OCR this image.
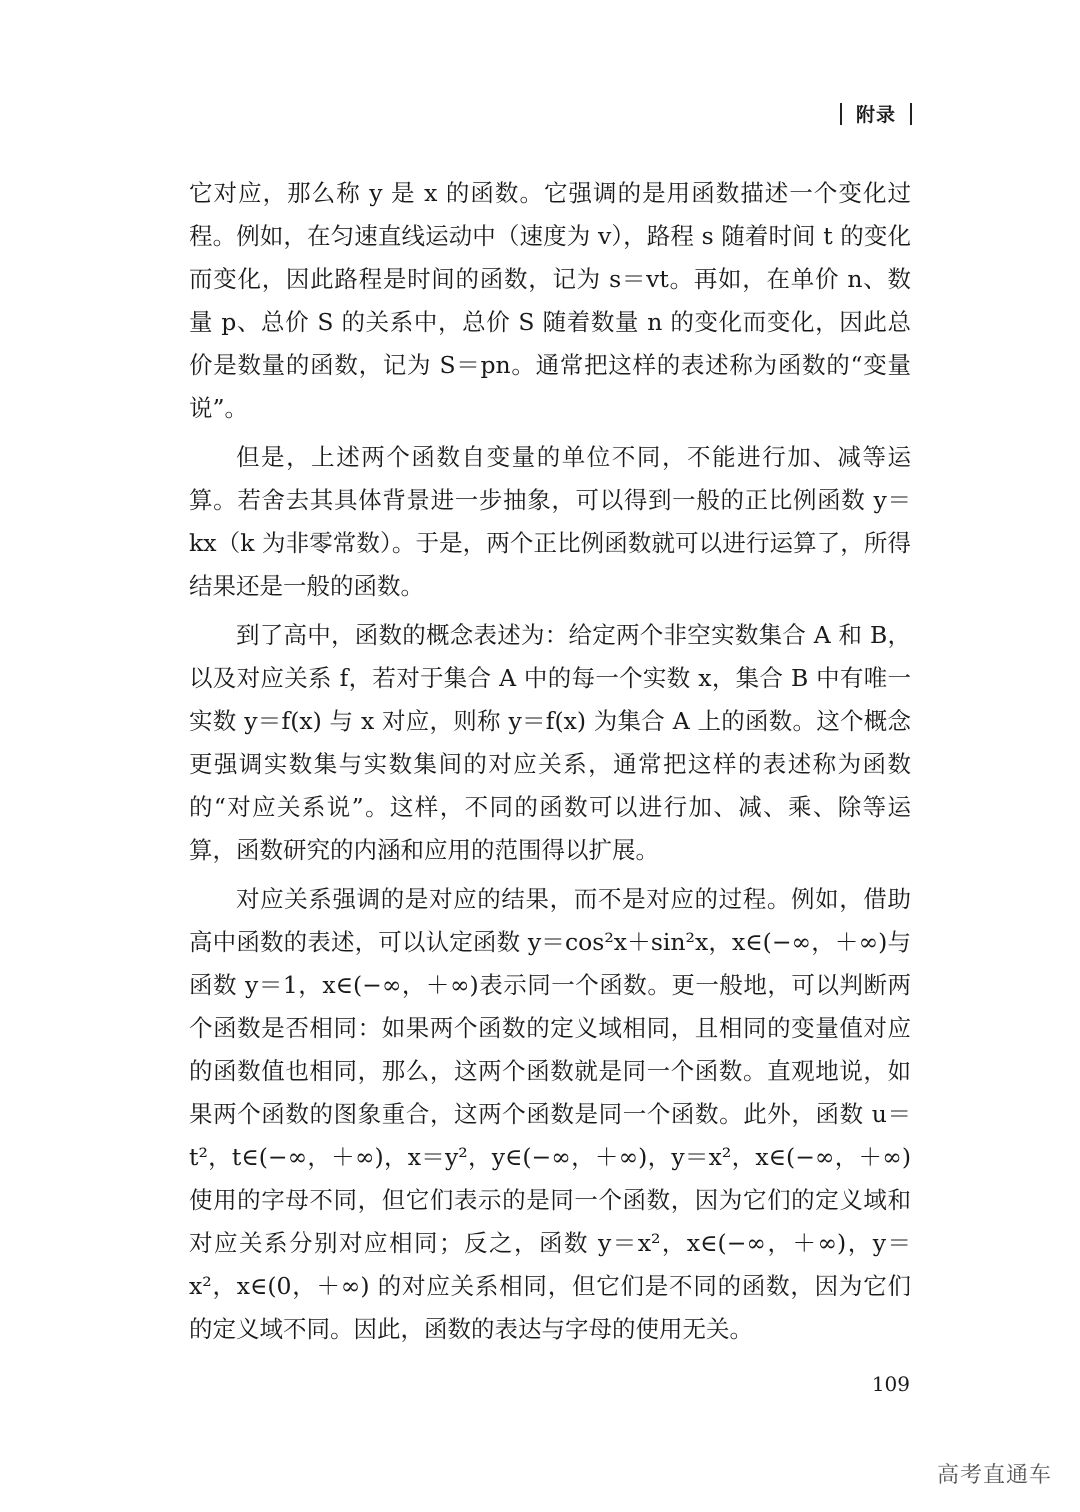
附录

它对应，那么称 y 是 x 的函数。它强调的是用函数描述一个变化过程。例如，在匀速直线运动中（速度为 v），路程 s 随着时间 t 的变化而变化，因此路程是时间的函数，记为 s＝vt。再如，在单价 n、数量 p、总价 S 的关系中，总价 S 随着数量 n 的变化而变化，因此总价是数量的函数，记为 S＝pn。通常把这样的表述称为函数的“变量说”。

但是，上述两个函数自变量的单位不同，不能进行加、减等运算。若舍去其具体背景进一步抽象，可以得到一般的正比例函数 y＝kx（k 为非零常数）。于是，两个正比例函数就可以进行运算了，所得结果还是一般的函数。

到了高中，函数的概念表述为：给定两个非空实数集合 A 和 B，以及对应关系 f，若对于集合 A 中的每一个实数 x，集合 B 中有唯一实数 y＝f(x) 与 x 对应，则称 y＝f(x) 为集合 A 上的函数。这个概念更强调实数集与实数集间的对应关系，通常把这样的表述称为函数的“对应关系说”。这样，不同的函数可以进行加、减、乘、除等运算，函数研究的内涵和应用的范围得以扩展。

对应关系强调的是对应的结果，而不是对应的过程。例如，借助高中函数的表述，可以认定函数 y＝cos²x＋sin²x，x∈(−∞，＋∞)与函数 y＝1，x∈(−∞，＋∞)表示同一个函数。更一般地，可以判断两个函数是否相同：如果两个函数的定义域相同，且相同的变量值对应的函数值也相同，那么，这两个函数就是同一个函数。直观地说，如果两个函数的图象重合，这两个函数是同一个函数。此外，函数 u＝t²，t∈(−∞，＋∞)，x＝y²，y∈(−∞，＋∞)，y＝x²，x∈(−∞，＋∞) 使用的字母不同，但它们表示的是同一个函数，因为它们的定义域和对应关系分别对应相同；反之，函数 y＝x²，x∈(−∞，＋∞)，y＝x²，x∈(0，＋∞) 的对应关系相同，但它们是不同的函数，因为它们的定义域不同。因此，函数的表达与字母的使用无关。

109
高考直通车
